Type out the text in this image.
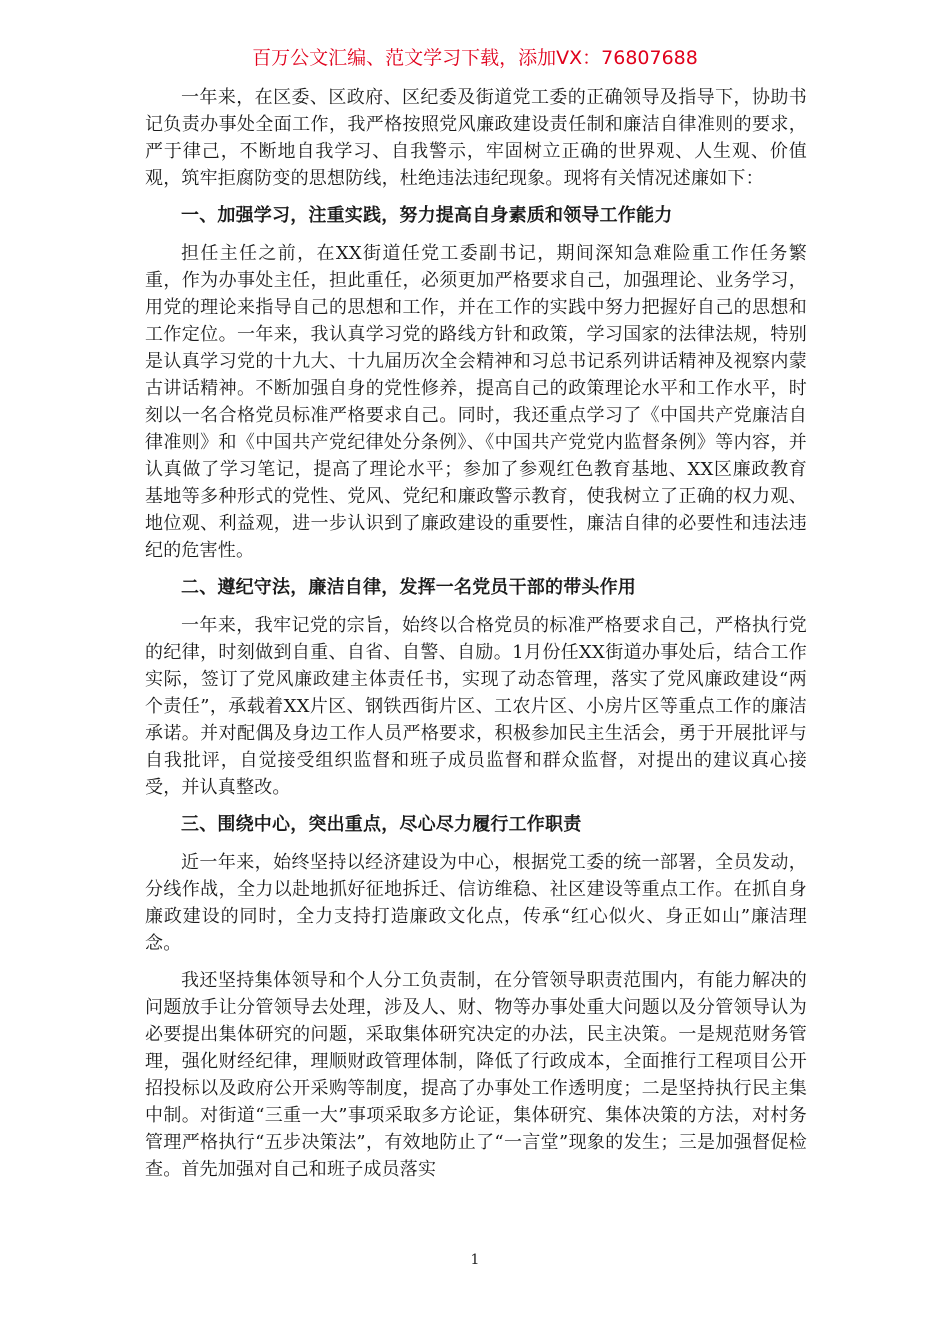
百万公文汇编、范文学习下载，添加VX：76807688

一年来，在区委、区政府、区纪委及街道党工委的正确领导及指导下，协助书记负责办事处全面工作，我严格按照党风廉政建设责任制和廉洁自律准则的要求，严于律己，不断地自我学习、自我警示，牢固树立正确的世界观、人生观、价值观，筑牢拒腐防变的思想防线，杜绝违法违纪现象。现将有关情况述廉如下：

一、加强学习，注重实践，努力提高自身素质和领导工作能力

担任主任之前，在XX街道任党工委副书记，期间深知急难险重工作任务繁重，作为办事处主任，担此重任，必须更加严格要求自己，加强理论、业务学习，用党的理论来指导自己的思想和工作，并在工作的实践中努力把握好自己的思想和工作定位。一年来，我认真学习党的路线方针和政策，学习国家的法律法规，特别是认真学习党的十九大、十九届历次全会精神和习总书记系列讲话精神及视察内蒙古讲话精神。不断加强自身的党性修养，提高自己的政策理论水平和工作水平，时刻以一名合格党员标准严格要求自己。同时，我还重点学习了《中国共产党廉洁自律准则》和《中国共产党纪律处分条例》、《中国共产党党内监督条例》等内容，并认真做了学习笔记，提高了理论水平；参加了参观红色教育基地、XX区廉政教育基地等多种形式的党性、党风、党纪和廉政警示教育，使我树立了正确的权力观、地位观、利益观，进一步认识到了廉政建设的重要性，廉洁自律的必要性和违法违纪的危害性。

二、遵纪守法，廉洁自律，发挥一名党员干部的带头作用

一年来，我牢记党的宗旨，始终以合格党员的标准严格要求自己，严格执行党的纪律，时刻做到自重、自省、自警、自励。1月份任XX街道办事处后，结合工作实际，签订了党风廉政建主体责任书，实现了动态管理，落实了党风廉政建设“两个责任”，承载着XX片区、钢铁西街片区、工农片区、小房片区等重点工作的廉洁承诺。并对配偶及身边工作人员严格要求，积极参加民主生活会，勇于开展批评与自我批评，自觉接受组织监督和班子成员监督和群众监督，对提出的建议真心接受，并认真整改。

三、围绕中心，突出重点，尽心尽力履行工作职责

近一年来，始终坚持以经济建设为中心，根据党工委的统一部署，全员发动，分线作战，全力以赴地抓好征地拆迁、信访维稳、社区建设等重点工作。在抓自身廉政建设的同时，全力支持打造廉政文化点，传承“红心似火、身正如山”廉洁理念。

我还坚持集体领导和个人分工负责制，在分管领导职责范围内，有能力解决的问题放手让分管领导去处理，涉及人、财、物等办事处重大问题以及分管领导认为必要提出集体研究的问题，采取集体研究决定的办法，民主决策。一是规范财务管理，强化财经纪律，理顺财政管理体制，降低了行政成本，全面推行工程项目公开招投标以及政府公开采购等制度，提高了办事处工作透明度；二是坚持执行民主集中制。对街道“三重一大”事项采取多方论证，集体研究、集体决策的方法，对村务管理严格执行“五步决策法”，有效地防止了“一言堂”现象的发生；三是加强督促检查。首先加强对自己和班子成员落实

1
